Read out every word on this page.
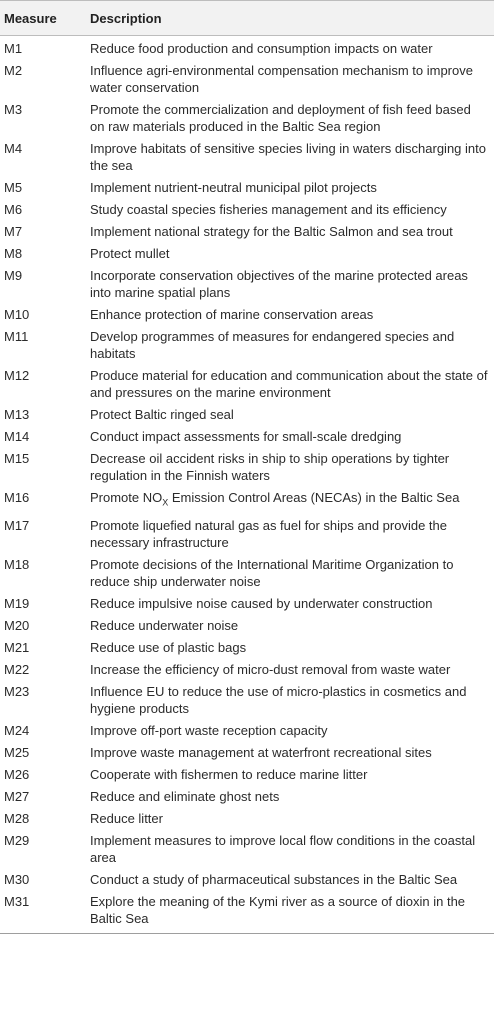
Measure	Description
M1	Reduce food production and consumption impacts on water
M2	Influence agri-environmental compensation mechanism to improve water conservation
M3	Promote the commercialization and deployment of fish feed based on raw materials produced in the Baltic Sea region
M4	Improve habitats of sensitive species living in waters discharging into the sea
M5	Implement nutrient-neutral municipal pilot projects
M6	Study coastal species fisheries management and its efficiency
M7	Implement national strategy for the Baltic Salmon and sea trout
M8	Protect mullet
M9	Incorporate conservation objectives of the marine protected areas into marine spatial plans
M10	Enhance protection of marine conservation areas
M11	Develop programmes of measures for endangered species and habitats
M12	Produce material for education and communication about the state of and pressures on the marine environment
M13	Protect Baltic ringed seal
M14	Conduct impact assessments for small-scale dredging
M15	Decrease oil accident risks in ship to ship operations by tighter regulation in the Finnish waters
M16	Promote $NO_X$ Emission Control Areas (NECAs) in the Baltic Sea
M17	Promote liquefied natural gas as fuel for ships and provide the necessary infrastructure
M18	Promote decisions of the International Maritime Organization to reduce ship underwater noise
M19	Reduce impulsive noise caused by underwater construction
M20	Reduce underwater noise
M21	Reduce use of plastic bags
M22	Increase the efficiency of micro-dust removal from waste water
M23	Influence EU to reduce the use of micro-plastics in cosmetics and hygiene products
M24	Improve off-port waste reception capacity
M25	Improve waste management at waterfront recreational sites
M26	Cooperate with fishermen to reduce marine litter
M27	Reduce and eliminate ghost nets
M28	Reduce litter
M29	Implement measures to improve local flow conditions in the coastal area
M30	Conduct a study of pharmaceutical substances in the Baltic Sea
M31	Explore the meaning of the Kymi river as a source of dioxin in the Baltic Sea
